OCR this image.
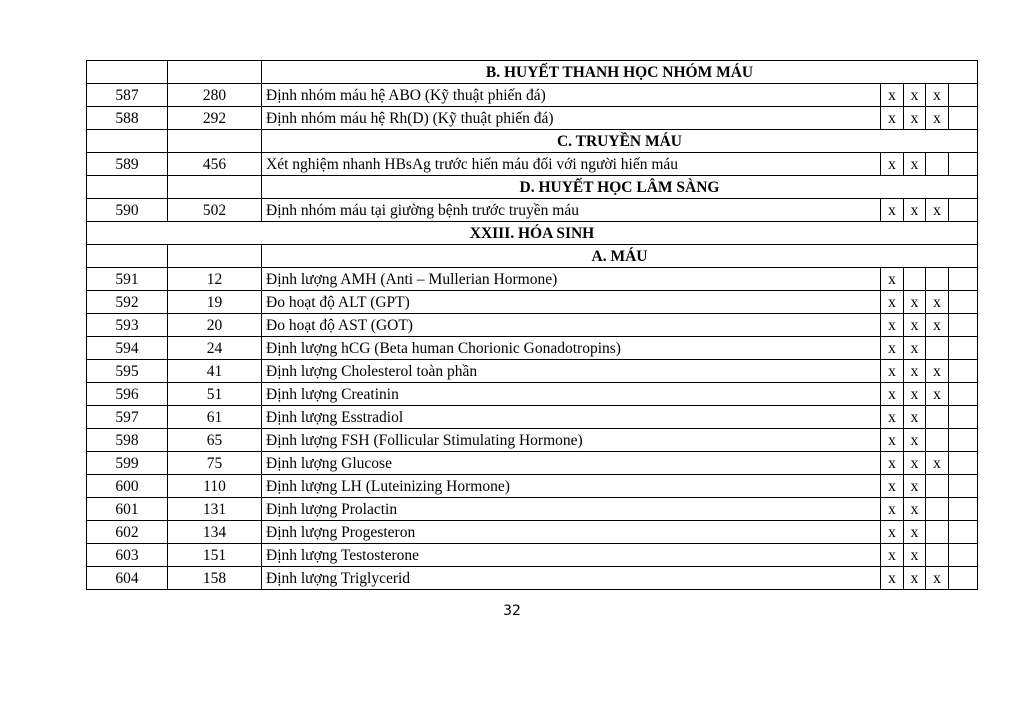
		B. HUYẾT THANH HỌC NHÓM MÁU				
587	280	Định nhóm máu hệ ABO (Kỹ thuật phiến đá)	x	x	x	
588	292	Định nhóm máu hệ Rh(D) (Kỹ thuật phiến đá)	x	x	x	
		C. TRUYỀN MÁU				
589	456	Xét nghiệm nhanh HBsAg trước hiến máu đối với người hiến máu	x	x		
		D. HUYẾT HỌC LÂM SÀNG				
590	502	Định nhóm máu tại giường bệnh trước truyền máu	x	x	x	
XXIII. HÓA SINH						
		A. MÁU				
591	12	Định lượng AMH (Anti – Mullerian Hormone)	x			
592	19	Đo hoạt độ ALT (GPT)	x	x	x	
593	20	Đo hoạt độ AST (GOT)	x	x	x	
594	24	Định lượng hCG (Beta human Chorionic Gonadotropins)	x	x		
595	41	Định lượng Cholesterol toàn phần	x	x	x	
596	51	Định lượng Creatinin	x	x	x	
597	61	Định lượng Esstradiol	x	x		
598	65	Định lượng FSH (Follicular Stimulating Hormone)	x	x		
599	75	Định lượng Glucose	x	x	x	
600	110	Định lượng LH (Luteinizing Hormone)	x	x		
601	131	Định lượng Prolactin	x	x		
602	134	Định lượng Progesteron	x	x		
603	151	Định lượng Testosterone	x	x		
604	158	Định lượng Triglycerid	x	x	x	
32
